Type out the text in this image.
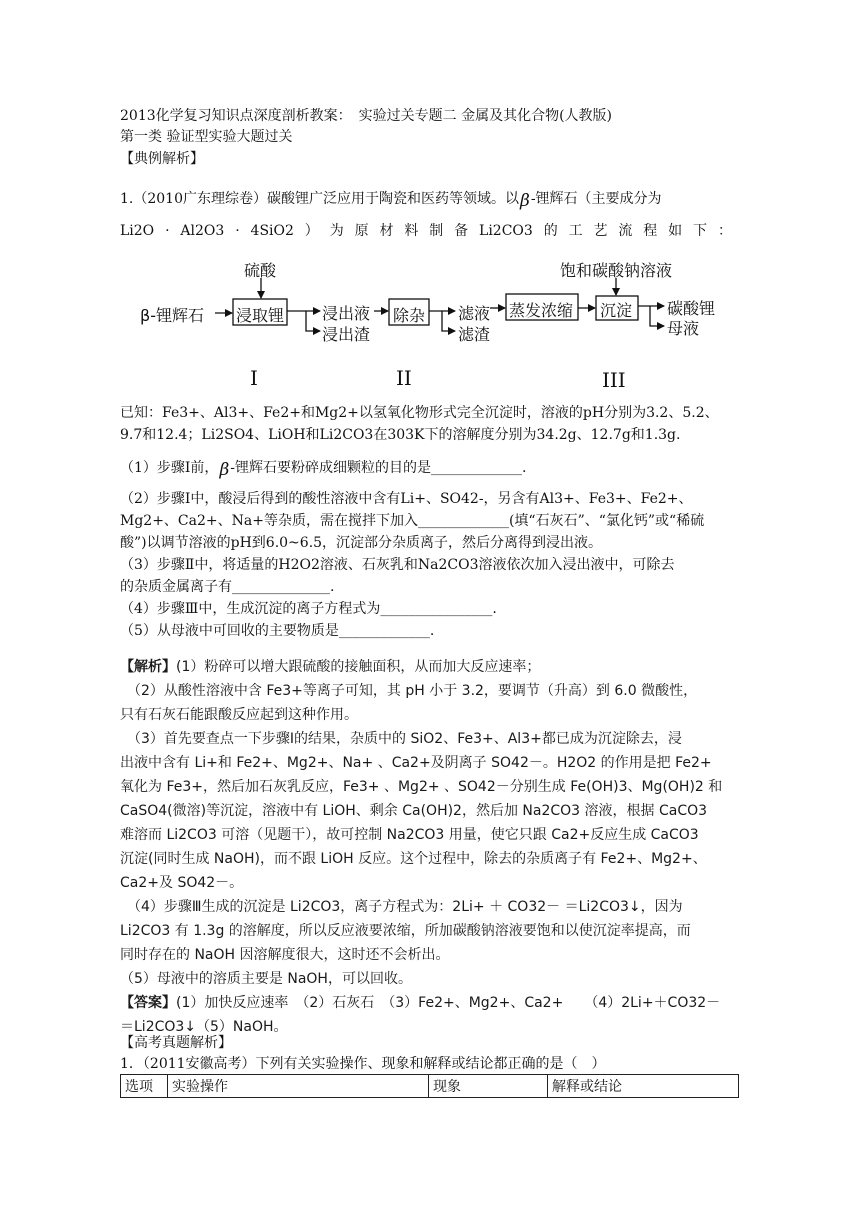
2013化学复习知识点深度剖析教案：　实验过关专题二 金属及其化合物(人教版)
第一类 验证型实验大题过关
【典例解析】
1.（2010广东理综卷）碳酸锂广泛应用于陶瓷和医药等领域。以β-锂辉石（主要成分为
Li2O · Al2O3 · 4SiO2 ） 为 原 材 料 制 备 Li2CO3 的 工 艺 流 程 如 下 ：
β-锂辉石
硫酸
浸取锂 浸出液
浸出渣
除杂 滤液
滤渣
蒸发浓缩
饱和碳酸钠溶液
沉淀 碳酸锂
母液
I	II	III
已知：Fe3+、Al3+、Fe2+和Mg2+以氢氧化物形式完全沉淀时，溶液的pH分别为3.2、5.2、
9.7和12.4；Li2SO4、LiOH和Li2CO3在303K下的溶解度分别为34.2g、12.7g和1.3g.
（1）步骤Ⅰ前，β-锂辉石要粉碎成细颗粒的目的是_____________.
（2）步骤Ⅰ中，酸浸后得到的酸性溶液中含有Li+、SO42-，另含有Al3+、Fe3+、Fe2+、
Mg2+、Ca2+、Na+等杂质，需在搅拌下加入_____________(填“石灰石”、“氯化钙”或“稀硫
酸”)以调节溶液的pH到6.0~6.5，沉淀部分杂质离子，然后分离得到浸出液。
（3）步骤Ⅱ中，将适量的H2O2溶液、石灰乳和Na2CO3溶液依次加入浸出液中，可除去
的杂质金属离子有______________.
（4）步骤Ⅲ中，生成沉淀的离子方程式为________________.
（5）从母液中可回收的主要物质是_____________.
【解析】(1）粉碎可以增大跟硫酸的接触面积，从而加大反应速率；
　（2）从酸性溶液中含 Fe3+等离子可知，其 pH 小于 3.2，要调节（升高）到 6.0 微酸性，
只有石灰石能跟酸反应起到这种作用。
　（3）首先要查点一下步骤Ⅰ的结果，杂质中的 SiO2、Fe3+、Al3+都已成为沉淀除去，浸
出液中含有 Li+和 Fe2+、Mg2+、Na+ 、Ca2+及阴离子 SO42－。H2O2 的作用是把 Fe2+
氧化为 Fe3+，然后加石灰乳反应，Fe3+ 、Mg2+ 、SO42－分别生成 Fe(OH)3、Mg(OH)2 和
CaSO4(微溶)等沉淀，溶液中有 LiOH、剩余 Ca(OH)2，然后加 Na2CO3 溶液，根据 CaCO3
难溶而 Li2CO3 可溶（见题干），故可控制 Na2CO3 用量，使它只跟 Ca2+反应生成 CaCO3
沉淀(同时生成 NaOH)，而不跟 LiOH 反应。这个过程中，除去的杂质离子有 Fe2+、Mg2+、
Ca2+及 SO42－。
　（4）步骤Ⅲ生成的沉淀是 Li2CO3，离子方程式为：2Li+ ＋ CO32－ ＝Li2CO3↓，因为
Li2CO3 有 1.3g 的溶解度，所以反应液要浓缩，所加碳酸钠溶液要饱和以使沉淀率提高，而
同时存在的 NaOH 因溶解度很大，这时还不会析出。
（5）母液中的溶质主要是 NaOH，可以回收。
【答案】(1）加快反应速率　（2）石灰石　（3）Fe2+、Mg2+、Ca2+　　（4）2Li+＋CO32－
＝Li2CO3↓（5）NaOH。
【高考真题解析】
1．（2011安徽高考）下列有关实验操作、现象和解释或结论都正确的是（　）
选项	实验操作	现象	解释或结论
